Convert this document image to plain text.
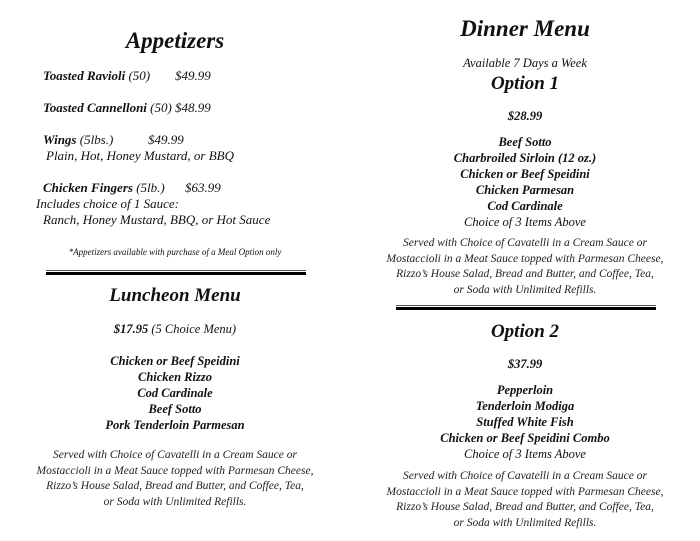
Appetizers
Toasted Ravioli (50) $49.99
Toasted Cannelloni (50) $48.99
Wings (5lbs.)	$49.99
Plain, Hot, Honey Mustard, or BBQ
Chicken Fingers (5lb.) $63.99
Includes choice of 1 Sauce:
Ranch, Honey Mustard, BBQ, or Hot Sauce
*Appetizers available with purchase of a Meal Option only
Luncheon Menu
$17.95 (5 Choice Menu)
Chicken or Beef Speidini
Chicken Rizzo
Cod Cardinale
Beef Sotto
Pork Tenderloin Parmesan
Served with Choice of Cavatelli in a Cream Sauce or
Mostaccioli in a Meat Sauce topped with Parmesan Cheese,
Rizzo’s House Salad, Bread and Butter, and Coffee, Tea,
or Soda with Unlimited Refills.
Dinner Menu
Available 7 Days a Week
Option 1
$28.99
Beef Sotto
Charbroiled Sirloin (12 oz.)
Chicken or Beef Speidini
Chicken Parmesan
Cod Cardinale
Choice of 3 Items Above
Served with Choice of Cavatelli in a Cream Sauce or
Mostaccioli in a Meat Sauce topped with Parmesan Cheese,
Rizzo’s House Salad, Bread and Butter, and Coffee, Tea,
or Soda with Unlimited Refills.
Option 2
$37.99
Pepperloin
Tenderloin Modiga
Stuffed White Fish
Chicken or Beef Speidini Combo
Choice of 3 Items Above
Served with Choice of Cavatelli in a Cream Sauce or
Mostaccioli in a Meat Sauce topped with Parmesan Cheese,
Rizzo’s House Salad, Bread and Butter, and Coffee, Tea,
or Soda with Unlimited Refills.
